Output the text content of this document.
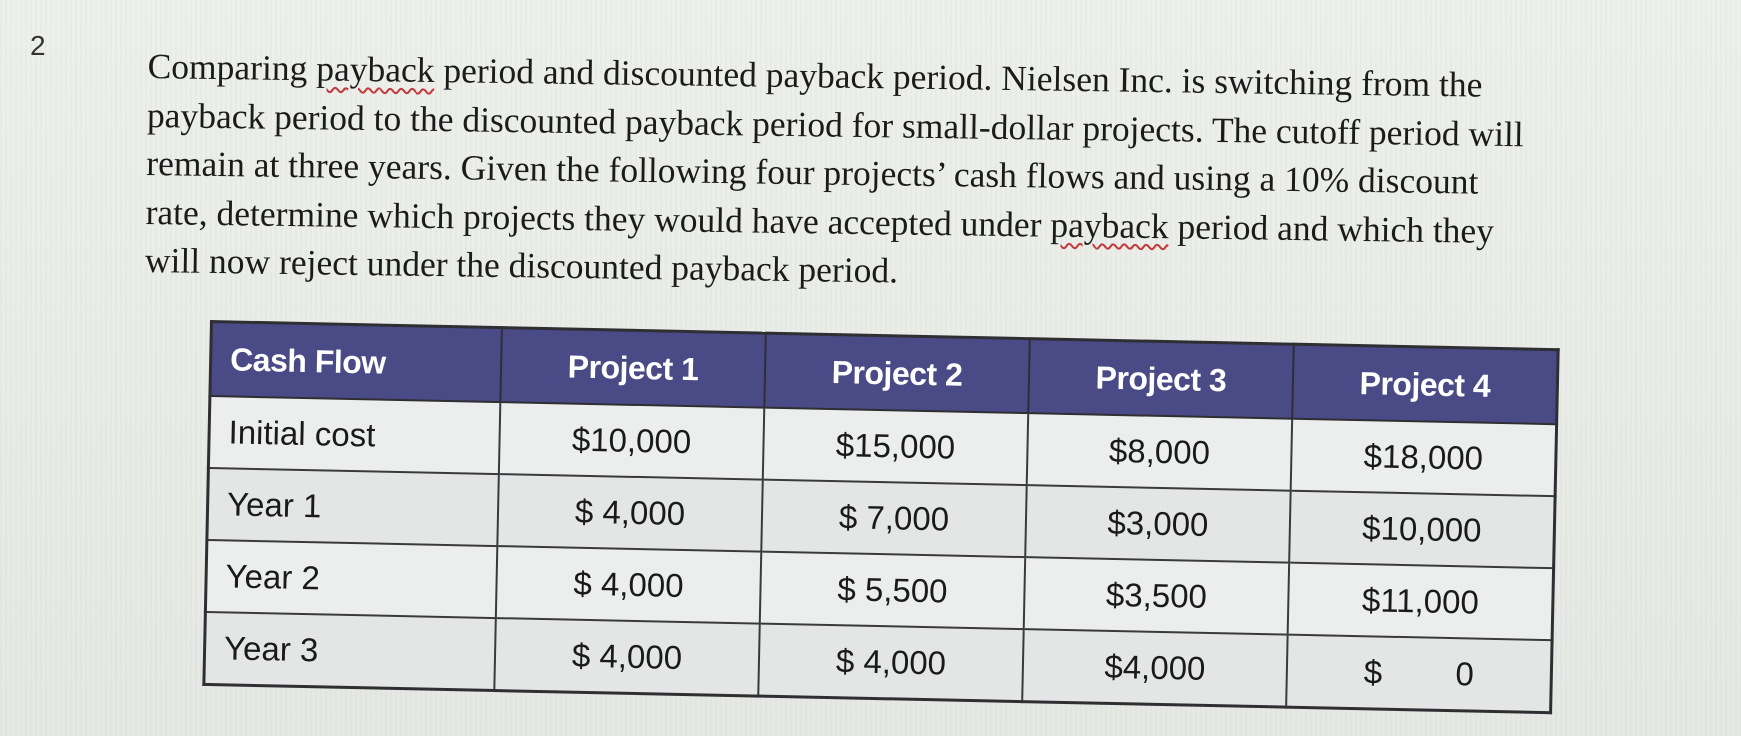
2
Comparing payback period and discounted payback period. Nielsen Inc. is switching from the
payback period to the discounted payback period for small-dollar projects. The cutoff period will
remain at three years. Given the following four projects’ cash flows and using a 10% discount
rate, determine which projects they would have accepted under payback period and which they
will now reject under the discounted payback period.
Cash Flow	Project 1	Project 2	Project 3	Project 4
Initial cost	$10,000	$15,000	$8,000	$18,000
Year 1	$ 4,000	$ 7,000	$3,000	$10,000
Year 2	$ 4,000	$ 5,500	$3,500	$11,000
Year 3	$ 4,000	$ 4,000	$4,000	$        0
